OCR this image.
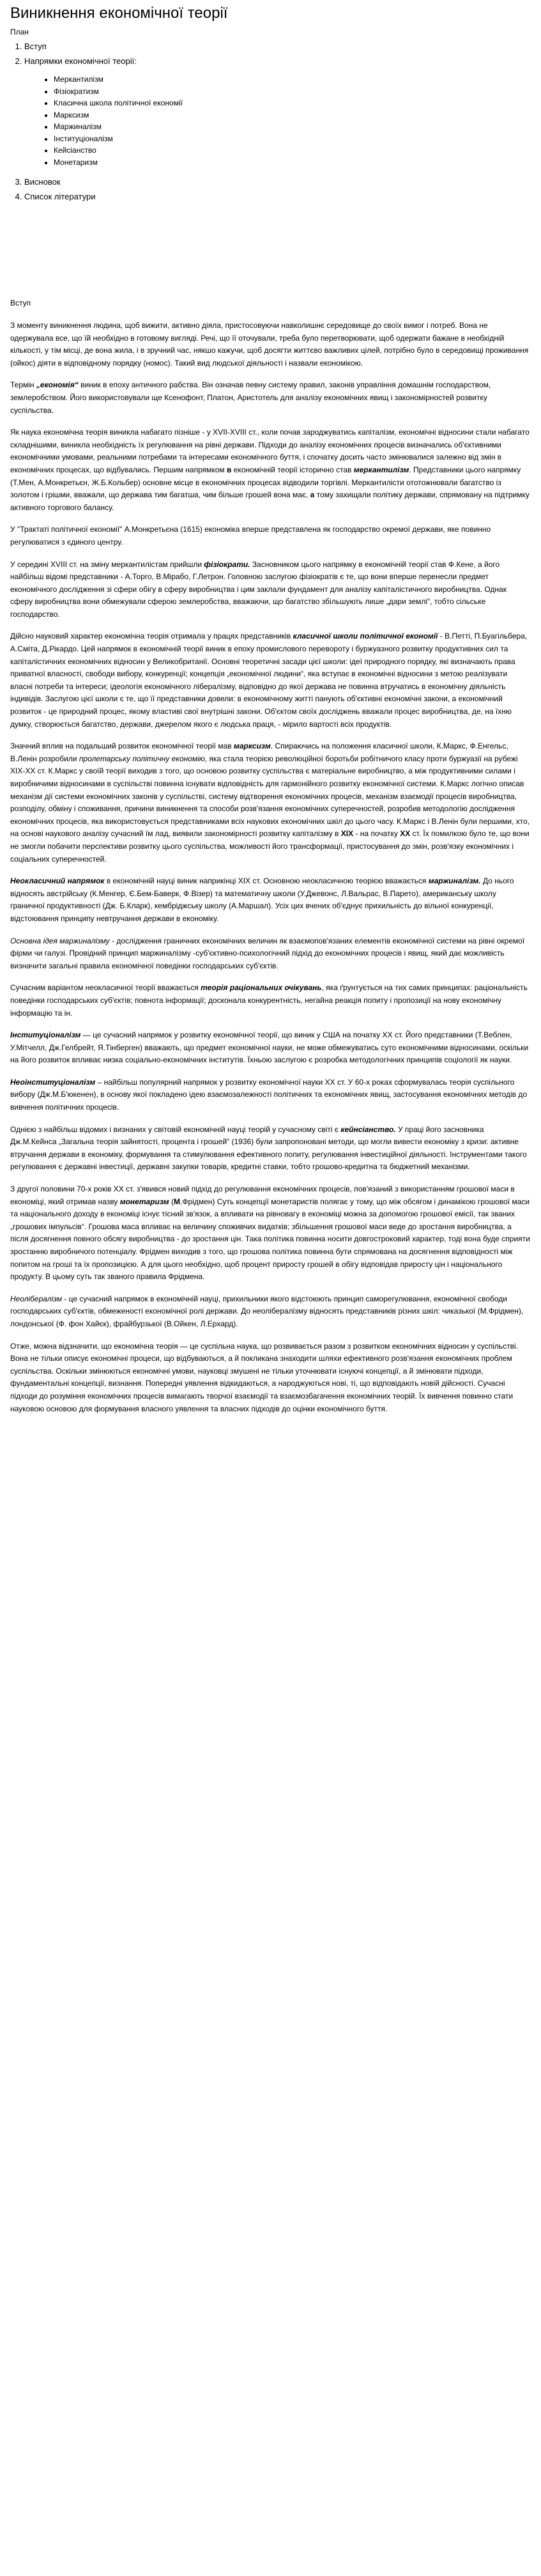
Виникнення економічної теорії
План
1. Вступ
2. Напрямки економічної теорії:
• Меркантилізм
• Фізіократизм
• Класична школа політичної економії
• Марксизм
• Маржиналізм
• Інституціоналізм
• Кейсіанство
• Монетаризм
3. Висновок
4. Список літератури
Вступ

З моменту виникнення людина, щоб вижити, активно діяла, пристосовуючи навколишнє середовище до своїх вимог і потреб. Вона не одержувала все, що їй необхідно в готовому вигляді. Речі, що її оточували, треба було перетворювати, щоб одержати бажане в необхідній кількості, у тім місці, де вона жила, і в зручний час, някшо кажучи, щоб досягти життєво важливих цілей, потрібно було в середовищі проживання (ойкос) діяти в відповідному порядку (номос). Такий вид людської діяльності і назвали економікою.

Термін „економія“ виник в епоху античного рабства. Він означав певну систему правил, законів управління домашнім господарством, землеробством. Його використовували ще Ксенофонт, Платон, Аристотель для аналізу економічних явищ і закономірностей розвитку суспільства.

Як наука економічна теорія виникла набагато пізніше - у XVII-XVIII ст., коли почав зароджуватись капіталізм, економічні відносини стали набагато складнішими, виникла необхідність їх регулювання на рівні держави. Підходи до аналізу економічних процесів визначались об'єктивними економічними умовами, реальними потребами та інтересами економічного буття, і спочатку досить часто змінювалися залежно від змін в економічних процесах, що відбувались. Першим напрямком в економічній теорії історично став меркантилізм. Представники цього напрямку (Т.Мен, А.Монкретьєн, Ж.Б.Кольбер) основне місце в економічних процесах відводили торгівлі. Меркантилісти ототожнювали багатство із золотом і грішми, вважали, що держава тим багатша, чим більше грошей вона має, а тому захищали політику держави, спрямовану на підтримку активного торгового балансу.

У "Трактаті політичної економії" А.Монкретьєна (1615) економіка вперше представлена як господарство окремої держави, яке повинно регулюватися з єдиного центру.

У середині XVIII ст. на зміну меркантилістам прийшли фізіократи. Засновником цього напрямку в економічній теорії став Ф.Кене, а його найбільш відомі представники - А.Торго, В.Мірабо, Г.Летрон. Головною заслугою фізіократів є те, що вони вперше перенесли предмет економічного дослідження зі сфери обігу в сферу виробництва і цим заклали фундамент для аналізу капіталістичного виробництва. Однак сферу виробництва вони обмежували сферою землеробства, вважаючи, що багатство збільшують лише „дари землі“, тобто сільське господарство.

Дійсно науковий характер економічна теорія отримала у працях представників класичної школи політичної економії - В.Петті, П.Буагільбера, А.Сміта, Д.Рікардо. Цей напрямок в економічній теорії виник в епоху промислового перевороту і буржуазного розвитку продуктивних сил та капіталістичних економічних відносин у Великобританії. Основні теоретичні засади цієї школи: ідеї природного порядку, які визначають права приватної власності, свободи вибору, конкуренції; концепція „економічної людини“, яка вступає в економічні відносини з метою реалізувати власні потреби та інтереси; ідеологія економічного лібералізму, відповідно до якої держава не повинна втручатись в економічну діяльність індивідів. Заслугою цієї школи є те, що її представники довели: в економічному житті панують об'єктивні економічні закони, а економічний розвиток - це природний процес, якому властиві свої внутрішні закони. Об'єктом своїх досліджень вважали процес виробництва, де, на їхню думку, створюється багатство, держави, джерелом якого є людська праця, - мірило вартості всіх продуктів.

Значний вплив на подальший розвиток економічної теорії мав марксизм. Спираючись на положення класичної школи, К.Маркс, Ф.Енгельс, В.Ленін розробили пролетарську політичну економію, яка стала теорією революційної боротьби робітничого класу проти буржуазії на рубежі XIX-XX ст. К.Маркс у своїй теорії виходив з того, що основою розвитку суспільства є матеріальне виробництво, а між продуктивними силами і виробничими відносинами в суспільстві повинна існувати відповідність для гармонійного розвитку економічної системи. К.Маркс логічно описав механізм дії системи економічних законів у суспільстві, систему відтворення економічних процесів, механізм взаємодії процесів виробництва, розподілу, обміну і споживання, причини виникнення та способи розв'язання економічних суперечностей, розробив методологію дослідження економічних процесів, яка використовується представниками всіх наукових економічних шкіл до цього часу. К.Маркс і В.Ленін були першими, хто, на основі наукового аналізу сучасний їм лад, виявили закономірності розвитку капіталізму в XIX - на початку XX ст. Їх помилкою було те, що вони не змогли побачити перспективи розвитку цього суспільства, можливості його трансформації, пристосування до змін, розв'язку економічних і соціальних суперечностей.

Неокласичний напрямок в економічній науці виник наприкінці XIX ст. Основною неокласичною теорією вважається маржиналізм. До нього відносять австрійську (К.Менгер, Є.Бем-Баверк, Ф.Візер) та математичну школи (У.Джевонс, Л.Вальрас, В.Парето), американську школу граничної продуктивності (Дж. Б.Кларк), кембріджську школу (А.Маршал). Усіх цих вчених об'єднує прихильність до вільної конкуренції, відстоювання принципу невтручання держави в економіку.

Основна ідея маржиналізму - дослідження граничних економічних величин як взаємопов'язаних елементів економічної системи на рівні окремої фірми чи галузі. Провідний принцип маржиналізму -суб'єктивно-психологічний підхід до економічних процесів і явищ, який дає можливість визначити загальні правила економічної поведінки господарських суб'єктів.

Сучасним варіантом неокласичної теорії вважається теорія раціональних очікувань, яка ґрунтується на тих самих принципах: раціональність поведінки господарських суб'єктів; повнота інформації; досконала конкурентність, негайна реакція попиту і пропозиції на нову економічну інформацію та ін.

Інституціоналізм — це сучасний напрямок у розвитку економічної теорії, що виник у США на початку XX ст. Його представники (Т.Веблен, У.Мітчелл, Дж.Гелбрейт, Я.Тінберген) вважають, що предмет економічної науки, не може обмежуватись суто економічними відносинами, оскільки на його розвиток впливає низка соціально-економічних інститутів. Їхньою заслугою є розробка методологічних принципів соціології як науки.

Неоінституціоналізм – найбільш популярний напрямок у розвитку економічної науки ХХ ст. У 60-х роках сформувалась теорія суспільного вибору (Дж.М.Б'юкенен), в основу якої покладено ідею взаємозалежності політичних та економічних явищ, застосування економічних методів до вивчення політичних процесів.

Однією з найбільш відомих і визнаних у світовій економічній науці теорій у сучасному світі є кейнсіанство. У праці його засновника Дж.М.Кейнса „Загальна теорія зайнятості, процента і грошей“ (1936) були запропоновані методи, що могли вивести економіку з кризи: активне втручання держави в економіку, формування та стимулювання ефективного попиту, регулювання інвестиційної діяльності. Інструментами такого регулювання є державні інвестиції, державні закупки товарів, кредитні ставки, тобто грошово-кредитна та бюджетний механізми.

З другої половини 70-х років ХХ ст. з'явився новий підхід до регулювання економічних процесів, пов'язаний з використанням грошової маси в економіці, який отримав назву монетаризм (М.Фрідмен) Суть концепції монетаристів полягає у тому, що між обсягом і динамікою грошової маси та національного доходу в економіці існує тісний зв'язок, а впливати на рівновагу в економіці можна за допомогою грошової емісії, так званих „грошових імпульсів“. Грошова маса впливає на величину споживчих видатків; збільшення грошової маси веде до зростання виробництва, а після досягнення повного обсягу виробництва - до зростання цін. Така політика повинна носити довгостроковий характер, тоді вона буде сприяти зростанню виробничого потенціалу. Фрідмен виходив з того, що грошова політика повинна бути спрямована на досягнення відповідності між попитом на гроші та їх пропозицією. А для цього необхідно, щоб процент приросту грошей в обігу відповідав приросту цін і національного продукту. В цьому суть так званого правила Фрідмена.

Неолібералізм - це сучасний напрямок в економічній науці, прихильники якого відстоюють принцип саморегулювання, економічної свободи господарських суб'єктів, обмеженості економічної ролі держави. До неолібералізму відносять представників різних шкіл: чиказької (М.Фрідмен), лондонської (Ф. фон Хайєк), фрайбурзької (В.Ойкен, Л.Ерхард).

Отже, можна відзначити, що економічна теорія — це суспільна наука, що розвивається разом з розвитком економічних відносин у суспільстві. Вона не тільки описує економічні процеси, що відбуваються, а й покликана знаходити шляхи ефективного розв'язання економічних проблем суспільства. Оскільки змінюються економічні умови, науковці змушені не тільки уточнювати існуючі концепції, а й змінювати підходи, фундаментальні концепції, визнання. Попередні уявлення відкидаються, а народжуються нові, ті, що відповідають новій дійсності. Сучасні підходи до розуміння економічних процесів вимагають творчої взаємодії та взаємозбагачення економічних теорій. Їх вивчення повинно стати науковою основою для формування власного уявлення та власних підходів до оцінки економічного буття.
